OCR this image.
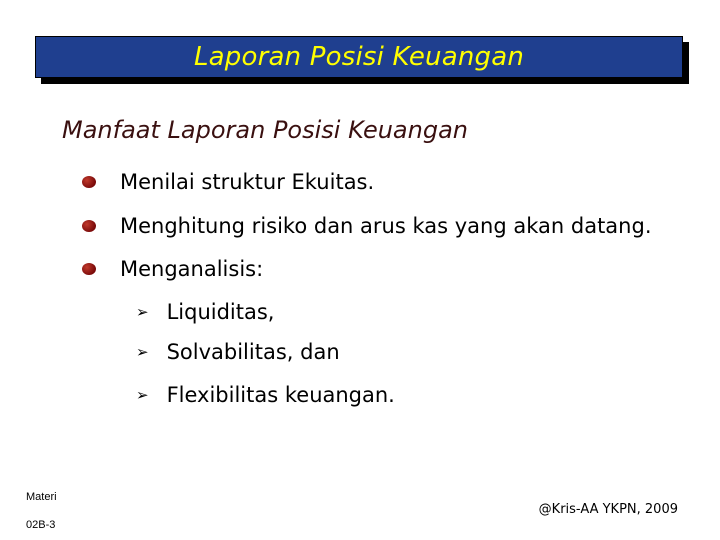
Laporan Posisi Keuangan
Manfaat Laporan Posisi Keuangan
Menilai struktur Ekuitas.
Menghitung risiko dan arus kas yang akan datang.
Menganalisis:
➢ Liquiditas,
➢ Solvabilitas, dan
➢ Flexibilitas keuangan.
Materi
02B-3
@Kris-AA YKPN, 2009
